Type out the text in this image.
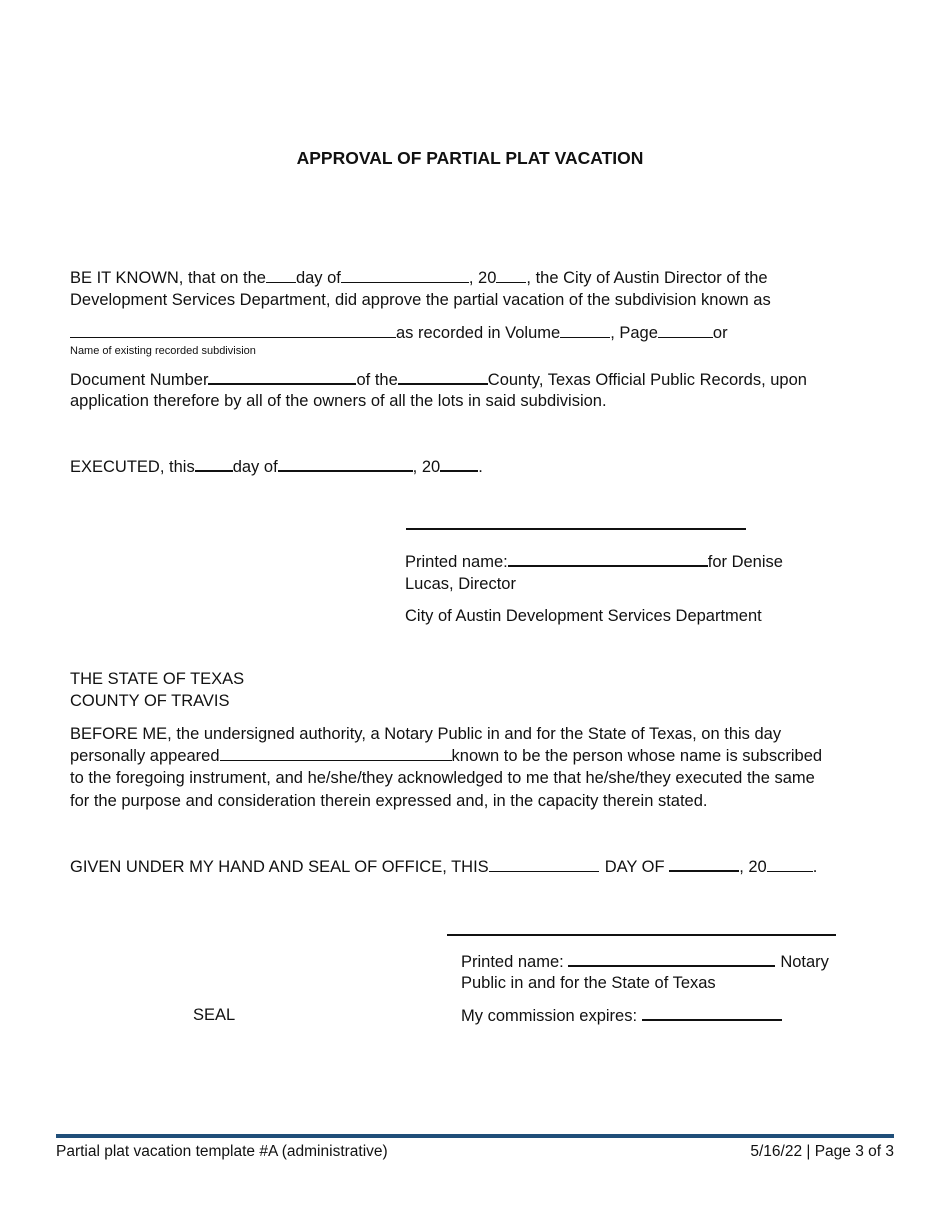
APPROVAL OF PARTIAL PLAT VACATION
BE IT KNOWN, that on the day of	, 20 , the City of Austin Director of the
Development Services Department, did approve the partial vacation of the subdivision known as
as recorded in Volume	, Page	or
Name of existing recorded subdivision
Document Number	of the	County, Texas Official Public Records, upon
application therefore by all of the owners of all the lots in said subdivision.
EXECUTED, this day of	, 20 .
Printed name:	for Denise
Lucas, Director
City of Austin Development Services Department
THE STATE OF TEXAS
COUNTY OF TRAVIS
BEFORE ME, the undersigned authority, a Notary Public in and for the State of Texas, on this day
personally appeared	known to be the person whose name is subscribed
to the foregoing instrument, and he/she/they acknowledged to me that he/she/they executed the same
for the purpose and consideration therein expressed and, in the capacity therein stated.
GIVEN UNDER MY HAND AND SEAL OF OFFICE, THIS	DAY OF	, 20	.
Printed name:	Notary
Public in and for the State of Texas
My commission expires:
SEAL
Partial plat vacation template #A (administrative)	5/16/22 | Page 3 of 3
